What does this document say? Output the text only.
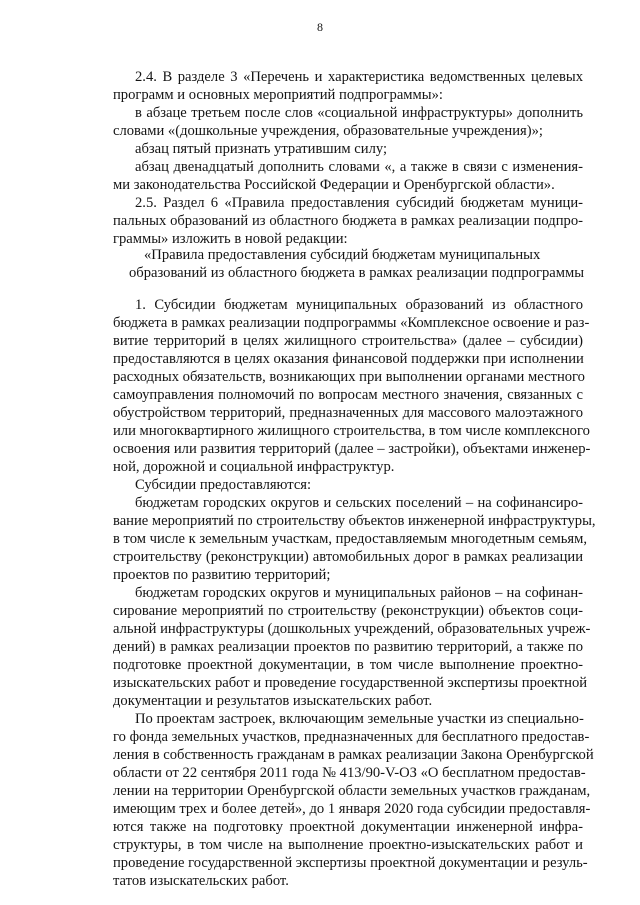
8
2.4. В разделе 3 «Перечень и характеристика ведомственных целевых
программ и основных мероприятий подпрограммы»:
в абзаце третьем после слов «социальной инфраструктуры» дополнить
словами «(дошкольные учреждения, образовательные учреждения)»;
абзац пятый признать утратившим силу;
абзац двенадцатый дополнить словами «, а также в связи с изменения-
ми законодательства Российской Федерации и Оренбургской области».
2.5. Раздел 6 «Правила предоставления субсидий бюджетам муници-
пальных образований из областного бюджета в рамках реализации подпро-
граммы» изложить в новой редакции:
«Правила предоставления субсидий бюджетам муниципальных
образований из областного бюджета в рамках реализации подпрограммы
1. Субсидии бюджетам муниципальных образований из областного
бюджета в рамках реализации подпрограммы «Комплексное освоение и раз-
витие территорий в целях жилищного строительства» (далее – субсидии)
предоставляются в целях оказания финансовой поддержки при исполнении
расходных обязательств, возникающих при выполнении органами местного
самоуправления полномочий по вопросам местного значения, связанных с
обустройством территорий, предназначенных для массового малоэтажного
или многоквартирного жилищного строительства, в том числе комплексного
освоения или развития территорий (далее – застройки), объектами инженер-
ной, дорожной и социальной инфраструктур.
Субсидии предоставляются:
бюджетам городских округов и сельских поселений – на софинансиро-
вание мероприятий по строительству объектов инженерной инфраструктуры,
в том числе к земельным участкам, предоставляемым многодетным семьям,
строительству (реконструкции) автомобильных дорог в рамках реализации
проектов по развитию территорий;
бюджетам городских округов и муниципальных районов – на софинан-
сирование мероприятий по строительству (реконструкции) объектов соци-
альной инфраструктуры (дошкольных учреждений, образовательных учреж-
дений) в рамках реализации проектов по развитию территорий, а также по
подготовке проектной документации, в том числе выполнение проектно-
изыскательских работ и проведение государственной экспертизы проектной
документации и результатов изыскательских работ.
По проектам застроек, включающим земельные участки из специально-
го фонда земельных участков, предназначенных для бесплатного предостав-
ления в собственность гражданам в рамках реализации Закона Оренбургской
области от 22 сентября 2011 года № 413/90-V-ОЗ «О бесплатном предостав-
лении на территории Оренбургской области земельных участков гражданам,
имеющим трех и более детей», до 1 января 2020 года субсидии предоставля-
ются также на подготовку проектной документации инженерной инфра-
структуры, в том числе на выполнение проектно-изыскательских работ и
проведение государственной экспертизы проектной документации и резуль-
татов изыскательских работ.
